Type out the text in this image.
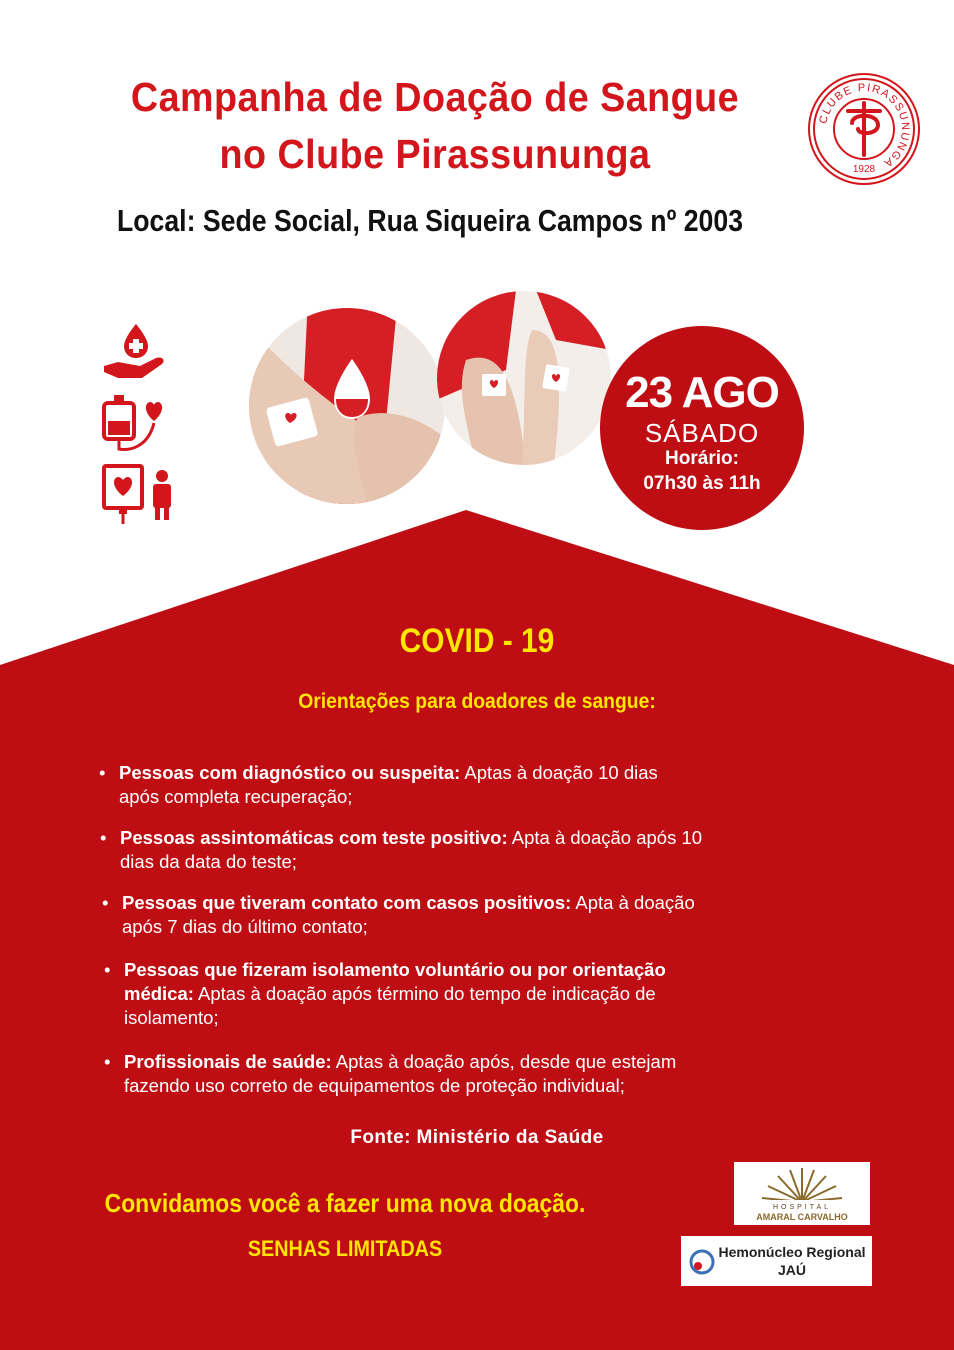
Campanha de Doação de Sangue
no Clube Pirassununga
Local: Sede Social, Rua Siqueira Campos nº 2003
CLUBE PIRASSUNUNGA
1928
23 AGO
SÁBADO
Horário:
07h30 às 11h
COVID - 19
Orientações para doadores de sangue:
• Pessoas com diagnóstico ou suspeita: Aptas à doação 10 dias
após completa recuperação;
• Pessoas assintomáticas com teste positivo: Apta à doação após 10
dias da data do teste;
• Pessoas que tiveram contato com casos positivos: Apta à doação
após 7 dias do último contato;
• Pessoas que fizeram isolamento voluntário ou por orientação
médica: Aptas à doação após término do tempo de indicação de
isolamento;
• Profissionais de saúde: Aptas à doação após, desde que estejam
fazendo uso correto de equipamentos de proteção individual;
Fonte: Ministério da Saúde
Convidamos você a fazer uma nova doação.
SENHAS LIMITADAS
HOSPITAL
AMARAL CARVALHO
Hemonúcleo Regional
JAÚ
